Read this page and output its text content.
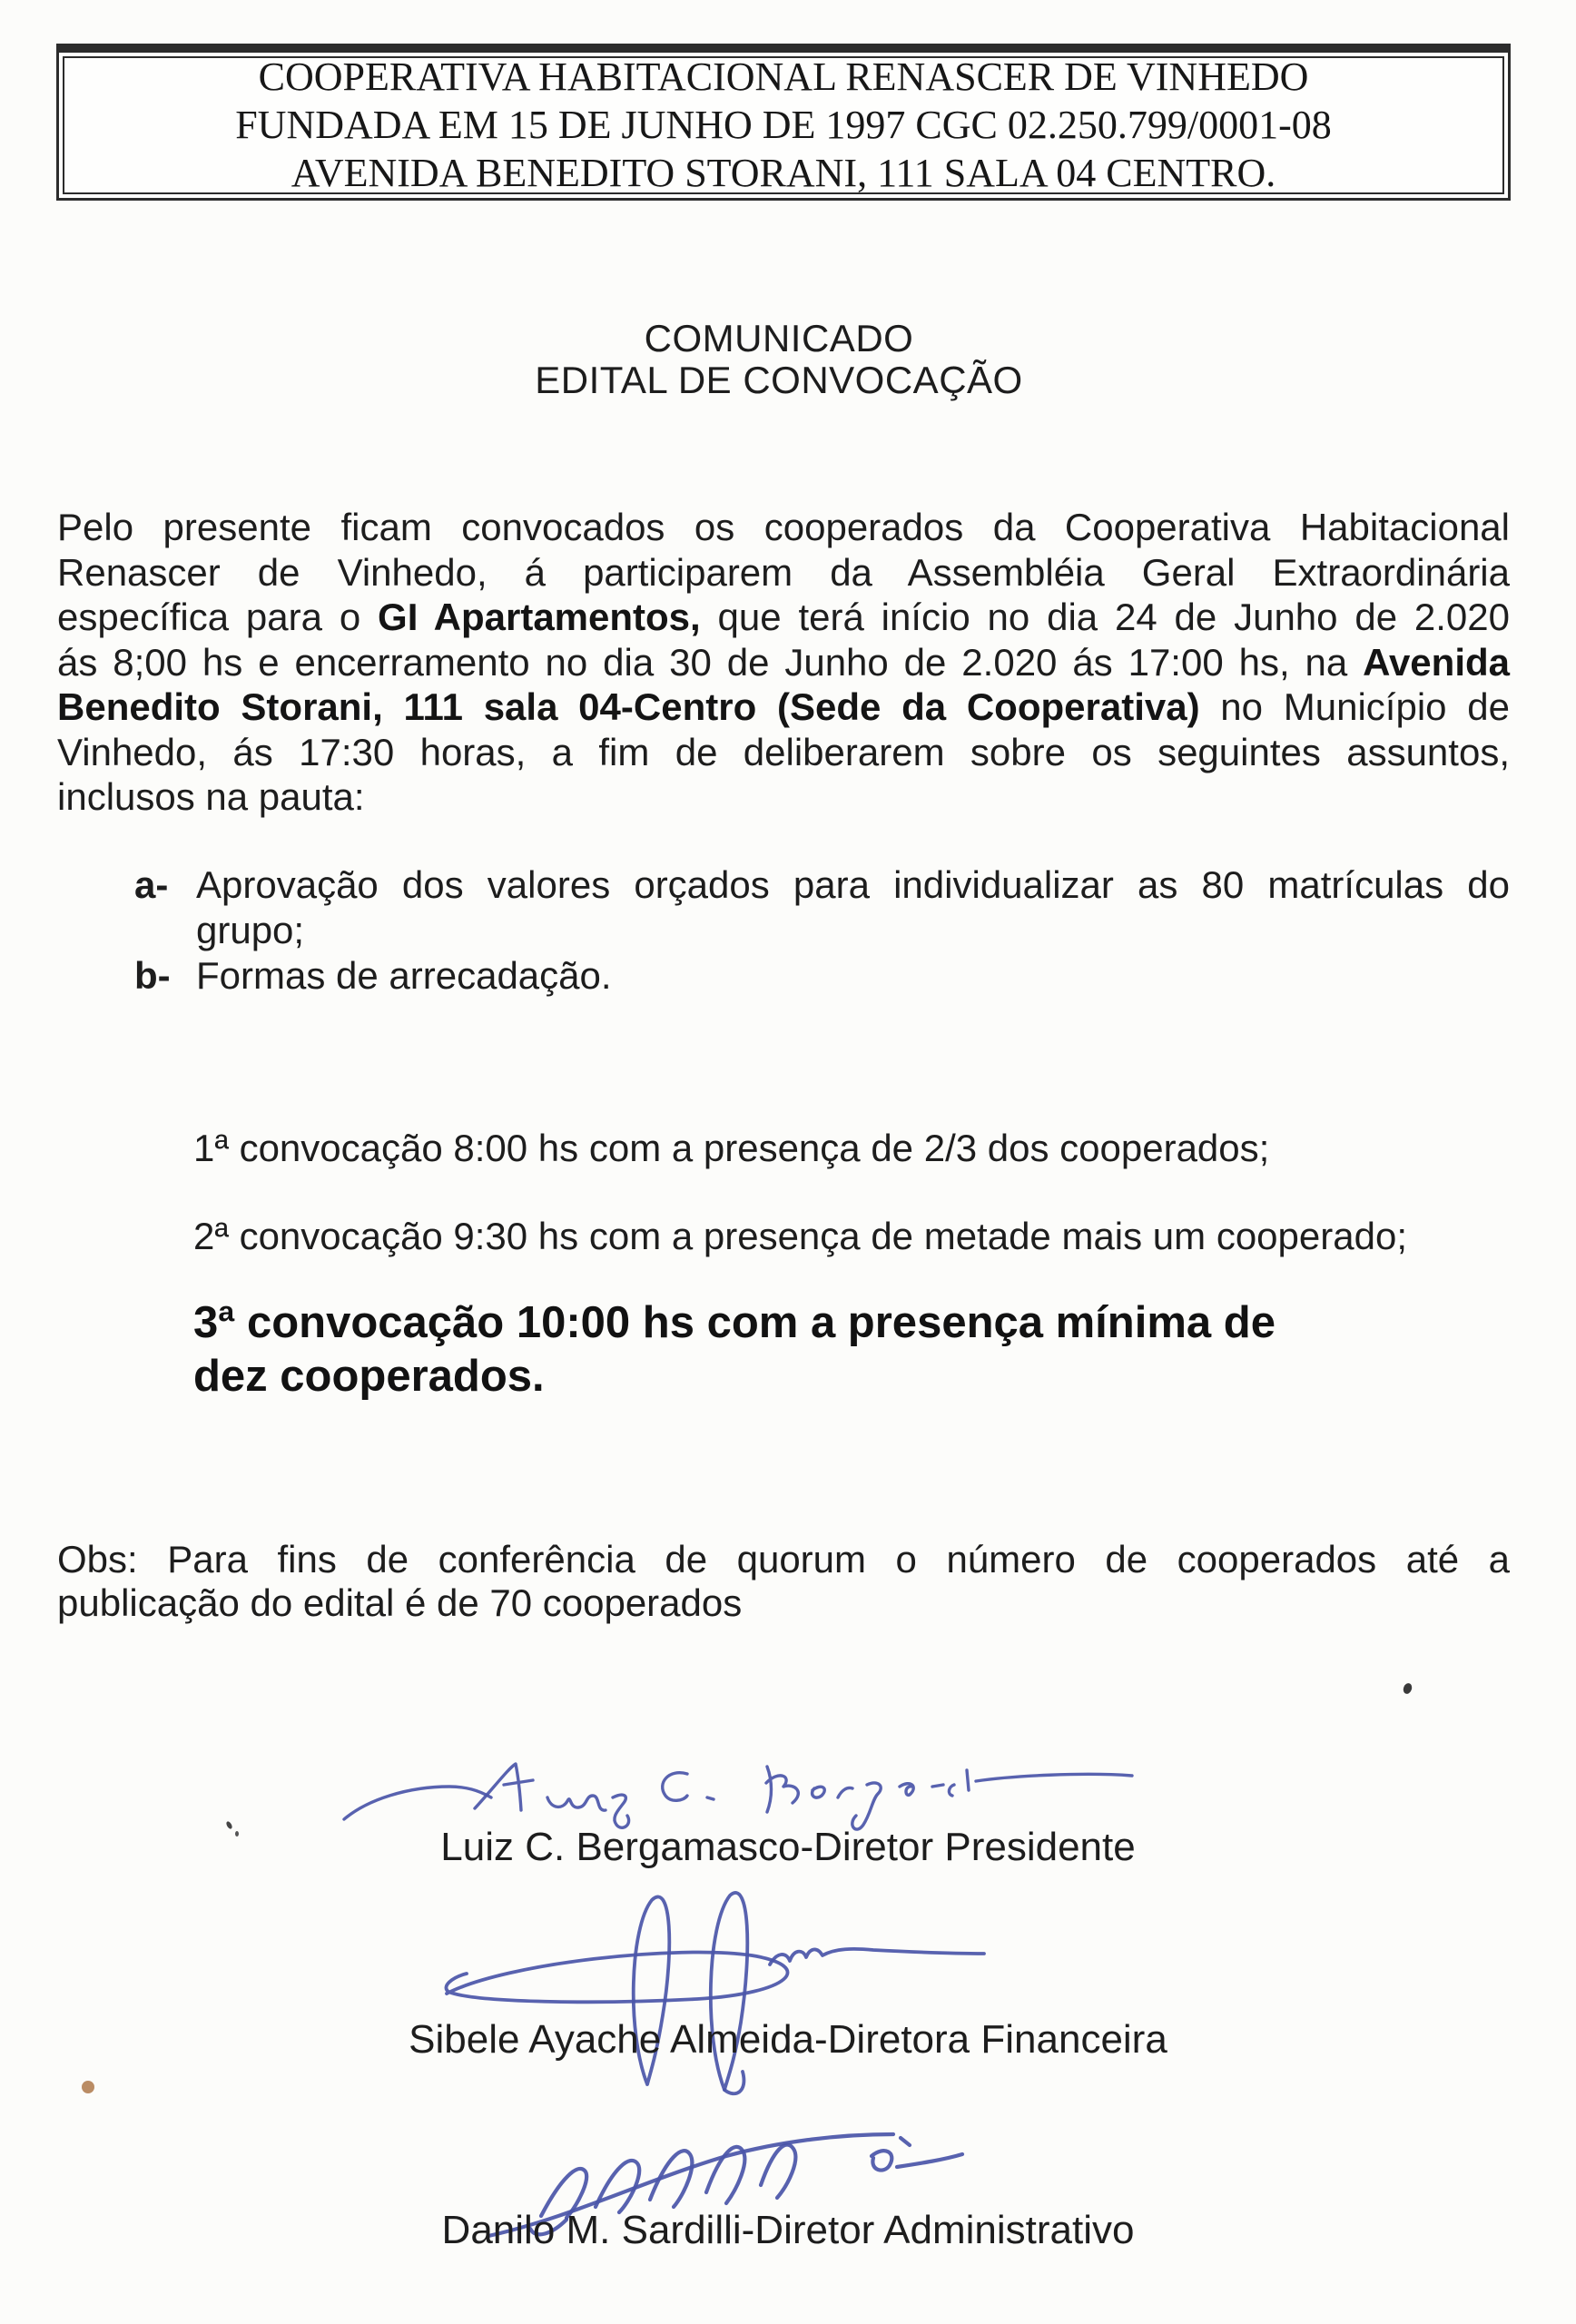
COOPERATIVA HABITACIONAL RENASCER DE VINHEDO
FUNDADA EM 15 DE JUNHO DE 1997 CGC 02.250.799/0001-08
AVENIDA BENEDITO STORANI, 111 SALA 04 CENTRO.
COMUNICADO
EDITAL DE CONVOCAÇÃO
Pelo presente ficam convocados os cooperados da Cooperativa Habitacional
Renascer de Vinhedo, á participarem da Assembléia Geral Extraordinária
específica para o GI Apartamentos, que terá início no dia 24 de Junho de 2.020
ás 8;00 hs e encerramento no dia 30 de Junho de 2.020 ás 17:00 hs, na Avenida
Benedito Storani, 111 sala 04-Centro (Sede da Cooperativa) no Município de
Vinhedo, ás 17:30 horas, a fim de deliberarem sobre os seguintes assuntos,
inclusos na pauta:
a- Aprovação dos valores orçados para individualizar as 80 matrículas do
grupo;
b- Formas de arrecadação.
1ª convocação 8:00 hs com a presença de 2/3 dos cooperados;
2ª convocação 9:30 hs com a presença de metade mais um cooperado;
3ª convocação 10:00 hs com a presença mínima de dez cooperados.
Obs: Para fins de conferência de quorum o número de cooperados até a
publicação do edital é de 70 cooperados
Luiz C. Bergamasco-Diretor Presidente
Sibele Ayache Almeida-Diretora Financeira
Danilo M. Sardilli-Diretor Administrativo
